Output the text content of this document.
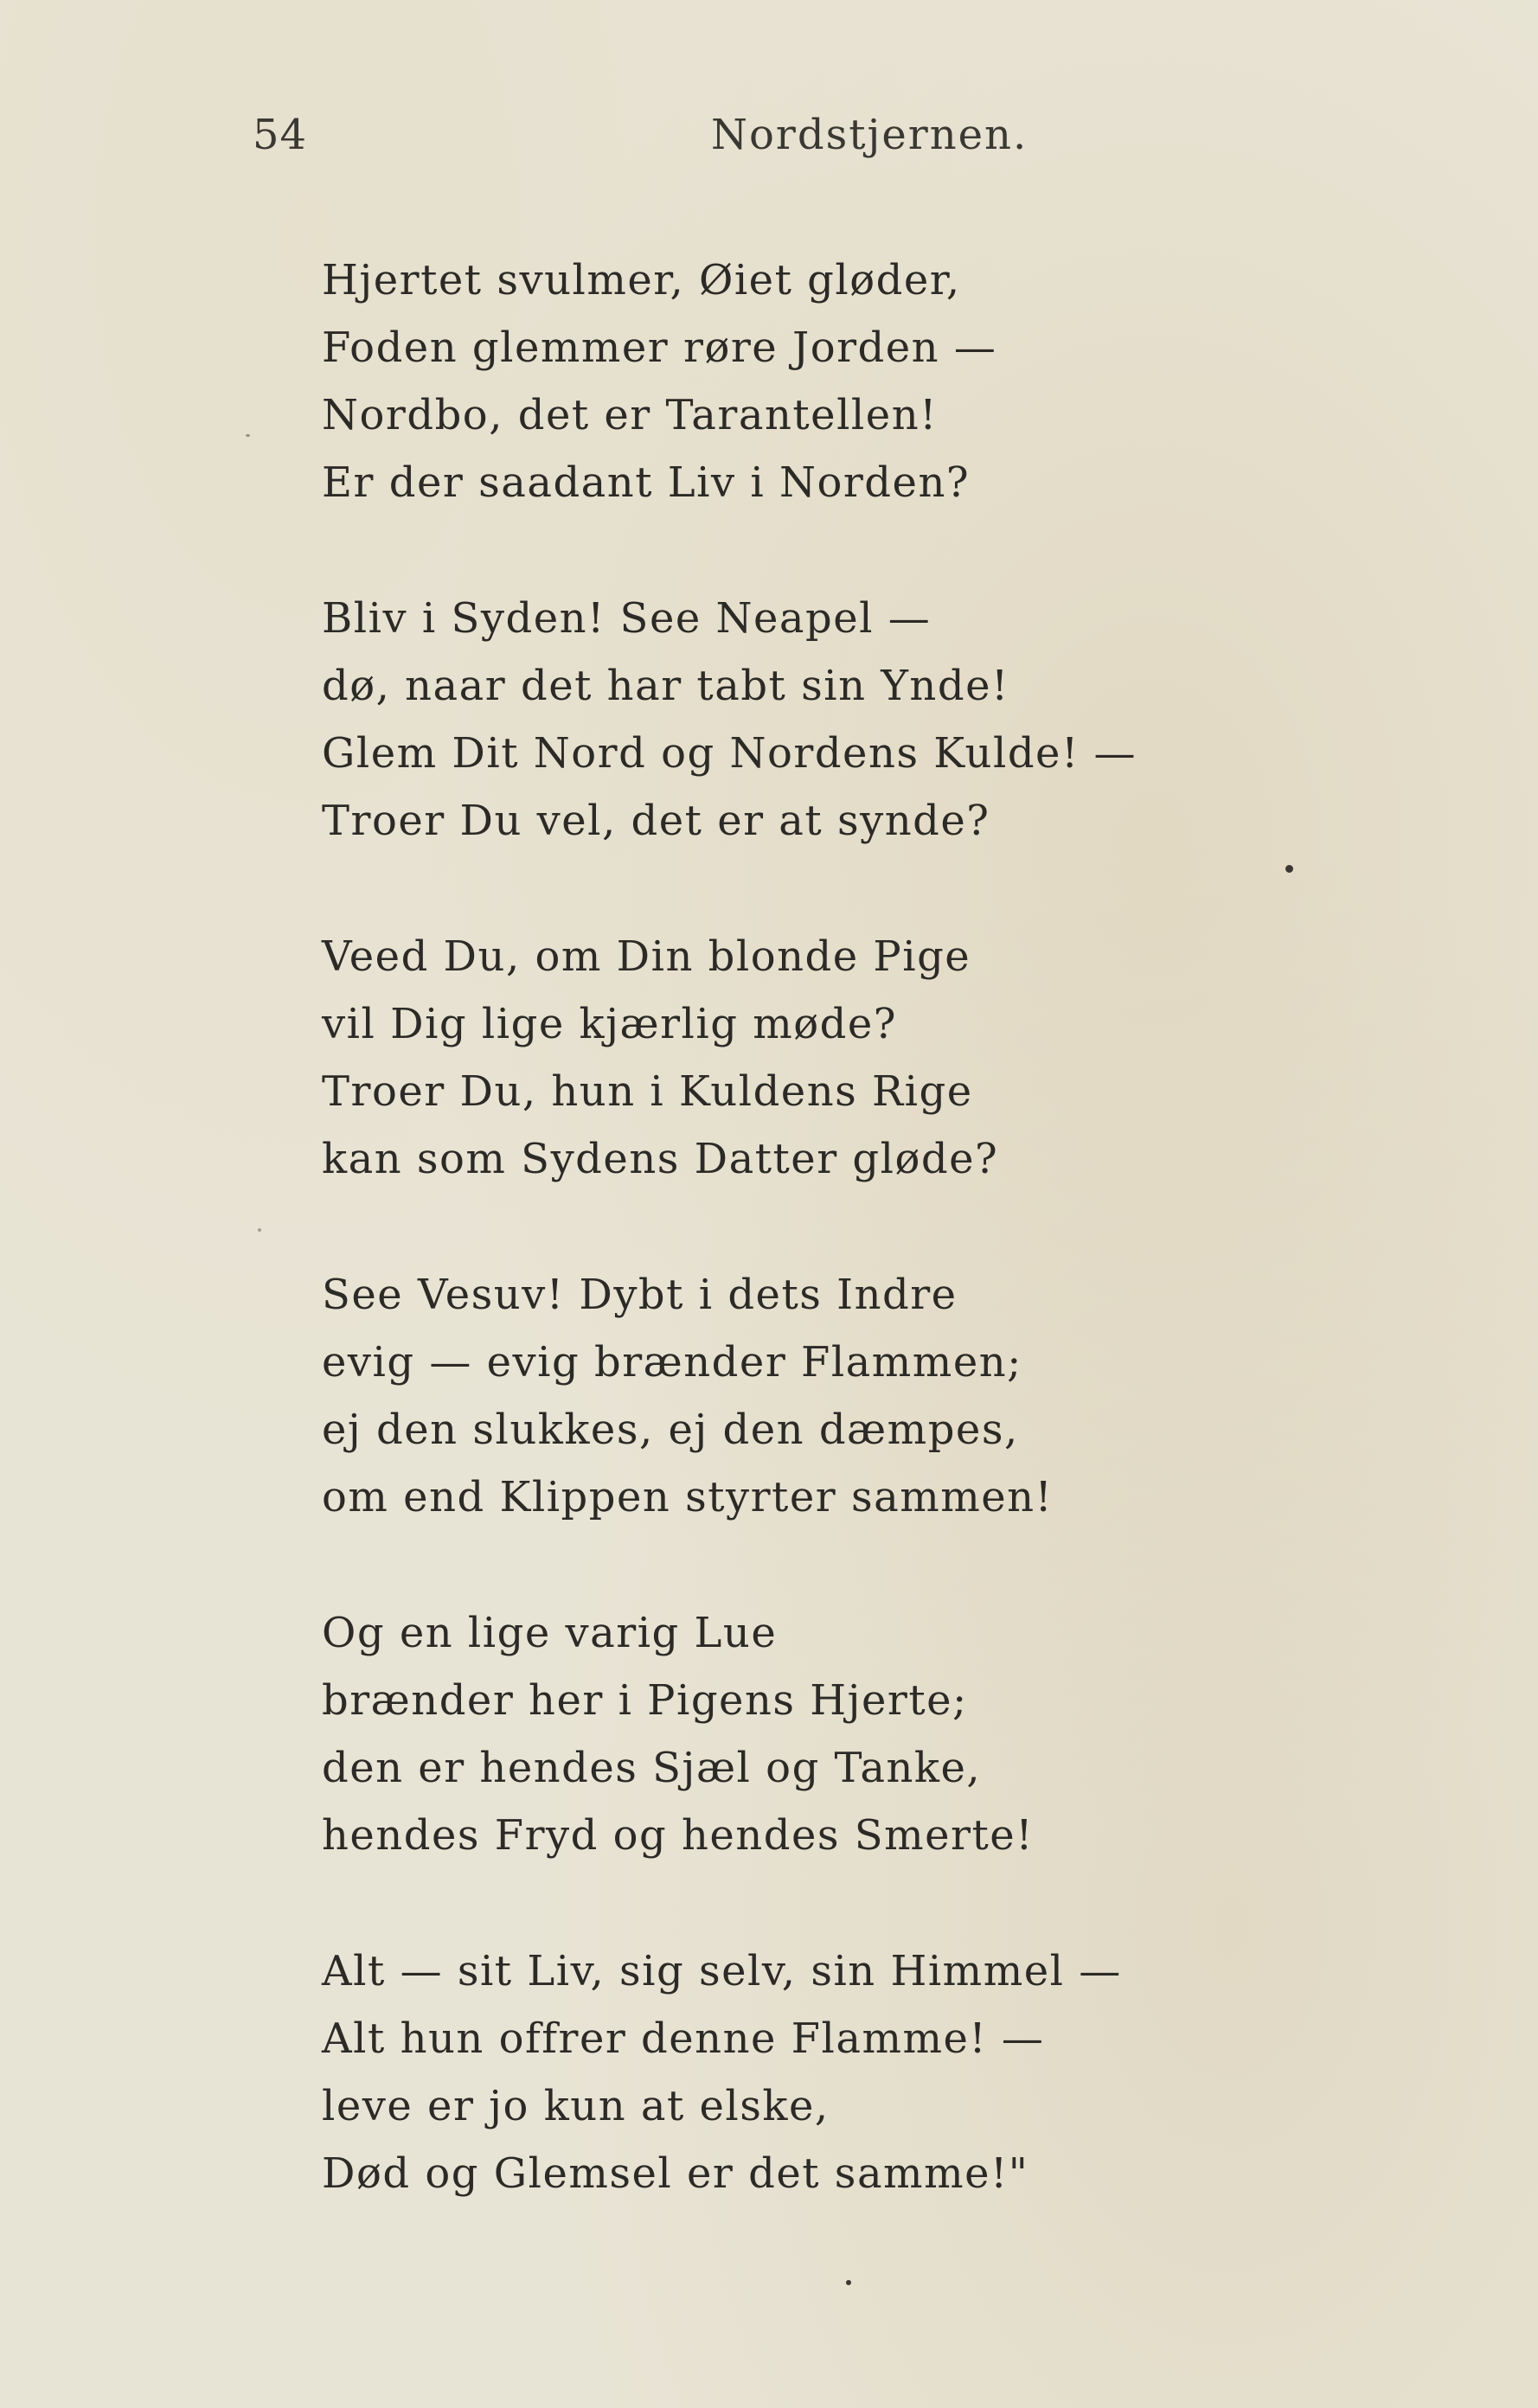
54	Nordstjernen.
Hjertet svulmer, Øiet gløder,
Foden glemmer røre Jorden —
Nordbo, det er Tarantellen!
Er der saadant Liv i Norden?
Bliv i Syden! See Neapel —
dø, naar det har tabt sin Ynde!
Glem Dit Nord og Nordens Kulde! —
Troer Du vel, det er at synde?
Veed Du, om Din blonde Pige
vil Dig lige kjærlig møde?
Troer Du, hun i Kuldens Rige
kan som Sydens Datter gløde?
See Vesuv! Dybt i dets Indre
evig — evig brænder Flammen;
ej den slukkes, ej den dæmpes,
om end Klippen styrter sammen!
Og en lige varig Lue
brænder her i Pigens Hjerte;
den er hendes Sjæl og Tanke,
hendes Fryd og hendes Smerte!
Alt — sit Liv, sig selv, sin Himmel —
Alt hun offrer denne Flamme! —
leve er jo kun at elske,
Død og Glemsel er det samme!"
